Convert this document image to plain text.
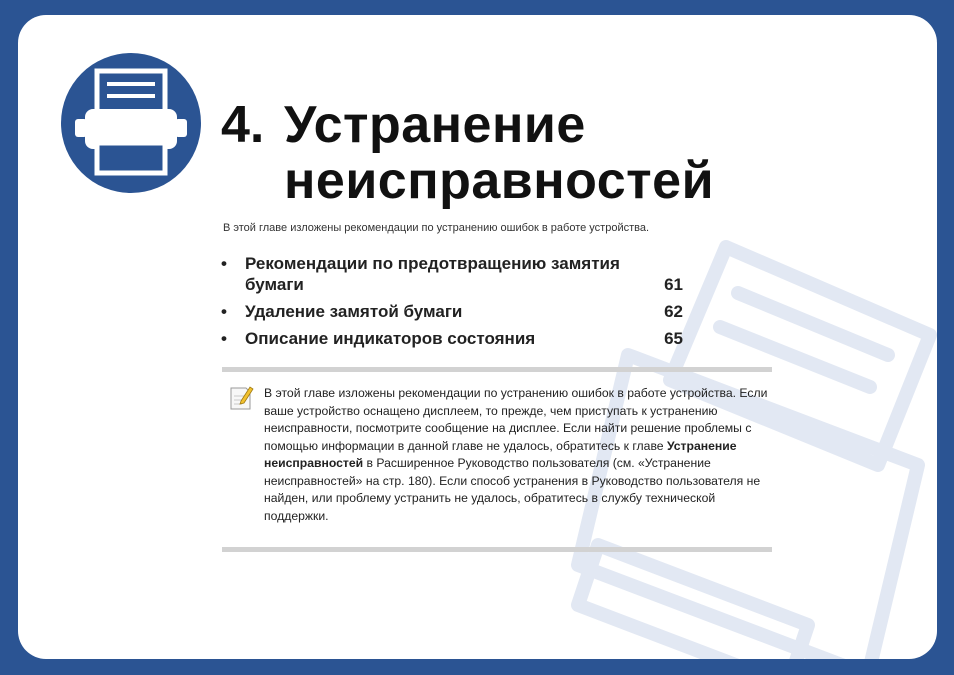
4. Устранение неисправностей
В этой главе изложены рекомендации по устранению ошибок в работе устройства.
• Рекомендации по предотвращению замятия бумаги	61
• Удаление замятой бумаги	62
• Описание индикаторов состояния	65
В этой главе изложены рекомендации по устранению ошибок в работе устройства. Если ваше устройство оснащено дисплеем, то прежде, чем приступать к устранению неисправности, посмотрите сообщение на дисплее. Если найти решение проблемы с помощью информации в данной главе не удалось, обратитесь к главе Устранение неисправностей в Расширенное Руководство пользователя (см. «Устранение неисправностей» на стр. 180). Если способ устранения в Руководство пользователя не найден, или проблему устранить не удалось, обратитесь в службу технической поддержки.
